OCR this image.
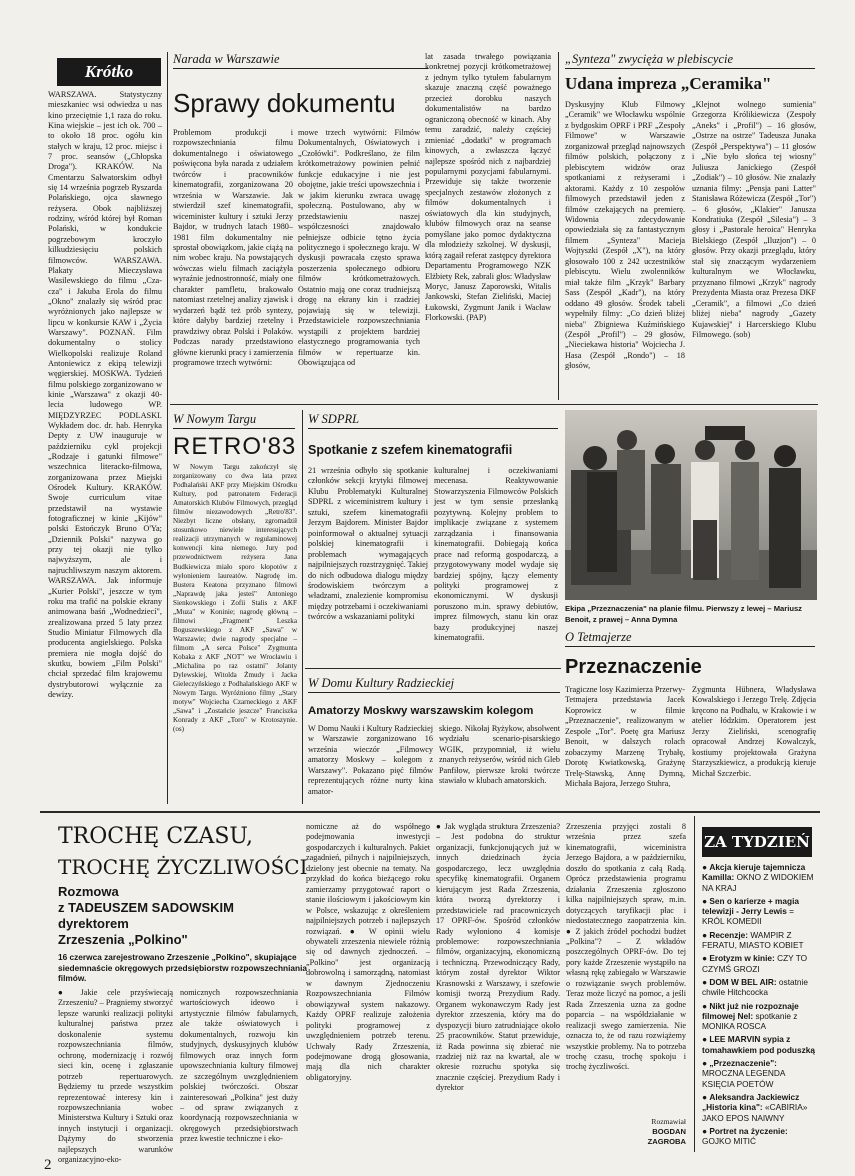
Krótko
WARSZAWA. Statystyczny mieszkaniec wsi odwiedza u nas kino przeciętnie 1,1 raza do roku. Kina wiejskie – jest ich ok. 700 – to około 18 proc. ogółu kin stałych w kraju, 12 proc. miejsc i 7 proc. seansów („Chłopska Droga"). KRAKÓW. Na Cmentarzu Salwatorskim odbył się 14 września pogrzeb Ryszarda Polańskiego, ojca sławnego reżysera. Obok najbliższej rodziny, wśród której był Roman Polański, w kondukcie pogrzebowym kroczyło kilkudziesięciu polskich filmowców. WARSZAWA. Plakaty Mieczysława Wasilewskiego do filmu „Cza-cza" i Jakuba Erola do filmu „Okno" znalazły się wśród prac wyróżnionych jako najlepsze w lipcu w konkursie KAW i „Życia Warszawy". POZNAŃ. Film dokumentalny o stolicy Wielkopolski realizuje Roland Antoniewicz z ekipą telewizji węgierskiej. MOSKWA. Tydzień filmu polskiego zorganizowano w kinie „Warszawa" z okazji 40-lecia ludowego WP. MIĘDZYRZEC PODLASKI. Wykładem doc. dr. hab. Henryka Depty z UW inauguruje w październiku cykl projekcji „Rodzaje i gatunki filmowe" wszechnica literacko-filmowa, zorganizowana przez Miejski Ośrodek Kultury. KRAKÓW. Swoje curriculum vitae przedstawił na wystawie fotograficznej w kinie „Kijów" polski Estończyk Bruno O'Ya; „Dziennik Polski" nazywa go przy tej okazji nie tylko najwyższym, ale i najruchliwszym naszym aktorem. WARSZAWA. Jak informuje „Kurier Polski", jeszcze w tym roku ma trafić na polskie ekrany animowana baśń „Wodnedziecí", zrealizowana przed 5 laty przez Studio Miniatur Filmowych dla producenta angielskiego. Polska premiera nie mogła dojść do skutku, bowiem „Film Polski" chciał sprzedać film krajowemu dystrybutorowi wyłącznie za dewizy.
Narada w Warszawie
Sprawy dokumentu
Problemom produkcji i rozpowszechniania filmu dokumentalnego i oświatowego poświęcona była narada z udziałem twórców i pracowników kinematografii, zorganizowana 20 września w Warszawie. Jak stwierdził szef kinematografii, wiceminister kultury i sztuki Jerzy Bajdor, w trudnych latach 1980–1981 film dokumentalny nie sprostał obowiązkom, jakie ciążą na nim wobec kraju. Na powstających wówczas wielu filmach zaciążyła wyraźnie jednostronność, miały one charakter pamfletu, brakowało natomiast rzetelnej analizy zjawisk i wydarzeń bądź też prób syntezy, które dałyby bardziej rzetelny i prawdziwy obraz Polski i Polaków. Podczas narady przedstawiono główne kierunki pracy i zamierzenia programowe trzech wytwórni:
mowe trzech wytwórni: Filmów Dokumentalnych, Oświatowych i „Czołówki". Podkreślano, że film krótkometrażowy powinien pełnić funkcje edukacyjne i nie jest obojętne, jakie treści upowszechnia i w jakim kierunku zwraca uwagę społeczną. Postulowano, aby w przedstawieniu naszej współczesności znajdowało pełniejsze odbicie tętno życia politycznego i społecznego kraju. W dyskusji powracała często sprawa poszerzenia społecznego odbioru filmów krótkometrażowych. Ostatnio mają one coraz trudniejszą drogę na ekrany kin i rzadziej pojawiają się w telewizji. Przedstawiciele rozpowszechniania wystąpili z projektem bardziej elastycznego programowania tych filmów w repertuarze kin. Obowiązująca od
lat zasada trwałego powiązania konkretnej pozycji krótkometrażowej z jednym tylko tytułem fabularnym skazuje znaczną część poważnego przecież dorobku naszych dokumentalistów na bardzo ograniczoną obecność w kinach. Aby temu zaradzić, należy częściej zmieniać „dodatki" w programach kinowych, a zwłaszcza łączyć najlepsze spośród nich z najbardziej popularnymi pozycjami fabularnymi. Przewiduje się także tworzenie specjalnych zestawów złożonych z filmów dokumentalnych i oświatowych dla kin studyjnych, klubów filmowych oraz na seanse pomyślane jako pomoc dydaktyczna dla młodzieży szkolnej. W dyskusji, którą zagaił referat zastępcy dyrektora Departamentu Programowego NZK Elżbiety Rek, zabrali głos: Władysław Moryc, Janusz Zaporowski, Witalis Jankowski, Stefan Zieliński, Maciej Łukowski, Zygmunt Janik i Wacław Florkowski. (PAP)
„Synteza" zwycięża w plebiscycie
Udana impreza „Ceramika"
Dyskusyjny Klub Filmowy „Ceramik" we Włocławku wspólnie z bydgoskim OPRF i PRF „Zespoły Filmowe" w Warszawie zorganizował przegląd najnowszych filmów polskich, połączony z plebiscytem widzów oraz spotkaniami z reżyserami i aktorami. Każdy z 10 zespołów filmowych przedstawił jeden z filmów czekających na premierę. Widownia zdecydowanie opowiedziała się za fantastycznym filmem „Synteza" Macieja Wojtyszki (Zespół „X"), na który głosowało 100 z 242 uczestników plebiscytu. Wielu zwolenników miał także film „Krzyk" Barbary Sass (Zespół „Kadr"), na który oddano 49 głosów. Środek tabeli wypełniły filmy: „Co dzień bliżej nieba" Zbigniewa Kuźmińskiego (Zespół „Profil") – 29 głosów, „Nieciekawa historia" Wojciecha J. Hasa (Zespół „Rondo") – 18 głosów,
„Klejnot wolnego sumienia" Grzegorza Królikiewicza (Zespoły „Aneks" i „Profil") – 16 głosów, „Ostrze na ostrze" Tadeusza Junaka (Zespół „Perspektywa") – 11 głosów i „Nie było słońca tej wiosny" Juliusza Janickiego (Zespół „Zodiak") – 10 głosów. Nie znalazły uznania filmy: „Pensja pani Latter" Stanisława Różewicza (Zespół „Tor") – 6 głosów, „Klakier" Janusza Kondratiuka (Zespół „Silesia") – 3 głosy i „Pastorale heroica" Henryka Bielskiego (Zespół „Iluzjon") – 0 głosów. Przy okazji przeglądu, który stał się znaczącym wydarzeniem kulturalnym we Włocławku, przyznano filmowi „Krzyk" nagrody Prezydenta Miasta oraz Prezesa DKF „Ceramik", a filmowi „Co dzień bliżej nieba" nagrody „Gazety Kujawskiej" i Harcerskiego Klubu Filmowego. (sob)
W Nowym Targu
RETRO'83
W Nowym Targu zakończył się zorganizowany co dwa lata przez Podhalański AKF przy Miejskim Ośrodku Kultury, pod patronatem Federacji Amatorskich Klubów Filmowych, przegląd filmów niezawodowych „Retro'83". Niezbyt liczne obsłany, zgromadził stosunkowo niewiele interesujących realizacji utrzymanych w regulaminowej konwencji kina niemego. Jury pod przewodnictwem reżysera Jana Budkiewicza miało sporo kłopotów z wyłonieniem laureatów. Nagrodę im. Bustera Keatona przyznano filmowi „Naprawdę jaka jesteś" Antoniego Sienkowskiego i Zofii Stalis z AKF „Muza" w Koninie; nagrodę główną – filmowi „Fragment" Leszka Boguszewskiego z AKF „Sawa" w Warszawie; dwie nagrody specjalne – filmom „A serca Polsce" Zygmunta Kobaka z AKF „NOT" we Wrocławiu i „Michalina po raz ostatni" Jolanty Dylewskiej, Witolda Żmudy i Jacka Gieleczyńskiego z Podhalańskiego AKF w Nowym Targu. Wyróżniono filmy „Stary motyw" Wojciecha Czarneckiego z AKF „Sawa" i „Zostańcie jeszcze" Franciszka Konrady z AKF „Toro" w Krotoszynie. (os)
W SDPRL
Spotkanie z szefem kinematografii
21 września odbyło się spotkanie członków sekcji krytyki filmowej Klubu Problematyki Kulturalnej SDPRL z wiceministrem kultury i sztuki, szefem kinematografii Jerzym Bajdorem. Minister Bajdor poinformował o aktualnej sytuacji polskiej kinematografii i problemach wymagających najpilniejszych rozstrzygnięć. Takiej do nich odbudowa dialogu między środowiskiem twórczym a władzami, znalezienie kompromisu między potrzebami i oczekiwaniami twórców a wskazaniami polityki
kulturalnej i oczekiwaniami mecenasa. Reaktywowanie Stowarzyszenia Filmowców Polskich jest w tym sensie przesłanką pozytywną. Kolejny problem to implikacje związane z systemem zarządzania i finansowania kinematografii. Dobiegają końca prace nad reformą gospodarczą, a przygotowywany model wydaje się bardziej spójny, łączy elementy polityki programowej z ekonomicznymi. W dyskusji poruszono m.in. sprawy debiutów, imprez filmowych, stanu kin oraz bazy produkcyjnej naszej kinematografii.
Ekipa „Przeznaczenia" na planie filmu. Pierwszy z lewej – Mariusz Benoit, z prawej – Anna Dymna
O Tetmajerze
Przeznaczenie
W Domu Kultury Radzieckiej
Amatorzy Moskwy warszawskim kolegom
W Domu Nauki i Kultury Radzieckiej w Warszawie zorganizowano 16 września wieczór „Filmowcy amatorzy Moskwy – kolegom z Warszawy". Pokazano pięć filmów reprezentujących różne nurty kina amator-
skiego. Nikołaj Ryżykow, absolwent wydziału scenario-pisarskiego WGIK, przypomniał, iż wielu znanych reżyserów, wśród nich Gleb Panfiłow, pierwsze kroki twórcze stawiało w klubach amatorskich.
Tragiczne losy Kazimierza Przerwy-Tetmajera przedstawia Jacek Koprowicz w filmie „Przeznaczenie", realizowanym w Zespole „Tor". Poetę gra Mariusz Benoit, w dalszych rolach zobaczymy Marzenę Trybałę, Dorotę Kwiatkowską, Grażynę Trelę-Stawską, Annę Dymną, Michała Bajora, Jerzego Stuhra,
Zygmunta Hübnera, Władysława Kowalskiego i Jerzego Trelę. Zdjęcia kręcono na Podhalu, w Krakowie i w atelier łódzkim. Operatorem jest Jerzy Zieliński, scenografię opracował Andrzej Kowalczyk, kostiumy projektowała Grażyna Starzyszkiewicz, a produkcją kieruje Michał Szczerbic.
TROCHĘ CZASU,
TROCHĘ ŻYCZLIWOŚCI
Rozmowa
z TADEUSZEM SADOWSKIM
dyrektorem
Zrzeszenia „Polkino"
16 czerwca zarejestrowano Zrzeszenie „Polkino", skupiające siedemnaście okręgowych przedsiębiorstw rozpowszechniania filmów.
● Jakie cele przyświecają Zrzeszeniu? – Pragniemy stworzyć lepsze warunki realizacji polityki kulturalnej państwa przez doskonalenie systemu rozpowszechniania filmów, ochronę, modernizację i rozwój sieci kin, ocenę i zgłaszanie potrzeb repertuarowych. Będziemy tu przede wszystkim reprezentować interesy kin i rozpowszechniania wobec Ministerstwa Kultury i Sztuki oraz innych instytucji i organizacji. Dążymy do stworzenia najlepszych warunków organizacyjno-eko-
nomicznych rozpowszechniania wartościowych ideowo i artystycznie filmów fabularnych, ale także oświatowych i dokumentalnych, rozwoju kin studyjnych, dyskusyjnych klubów filmowych oraz innych form upowszechniania kultury filmowej ze szczególnym uwzględnieniem polskiej twórczości. Obszar zainteresowań „Polkina" jest duży – od spraw związanych z koordynacją rozpowszechniania w okręgowych przedsiębiorstwach przez kwestie techniczne i eko-
nomiczne aż do współnego podejmowania inwestycji gospodarczych i kulturalnych. Pakiet zagadnień, pilnych i najpilniejszych, dzielony jest obecnie na tematy. Na przykład do końca bieżącego roku zamierzamy przygotować raport o stanie ilościowym i jakościowym kin w Polsce, wskazując z określeniem najpilniejszych potrzeb i najlepszych rozwiązań. ● W opinii wielu obywateli zrzeszenia niewiele różnią się od dawnych zjednoczeń. – „Polkino" jest organizacją dobrowolną i samorządną, natomiast w dawnym Zjednoczeniu Rozpowszechniania Filmów obowiązywał system nakazowy. Każdy OPRF realizuje założenia polityki programowej z uwzględnieniem potrzeb terenu. Uchwały Rady Zrzeszenia, podejmowane drogą głosowania, mają dla nich charakter obligatoryjny.
● Jak wygląda struktura Zrzeszenia? – Jest podobna do struktur organizacji, funkcjonujących już w innych dziedzinach życia gospodarczego, lecz uwzględnia specyfikę kinematografii. Organem kierującym jest Rada Zrzeszenia, która tworzą dyrektorzy i przedstawiciele rad pracowniczych 17 OPRF-ów. Spośród członków Rady wyłoniono 4 komisje problemowe: rozpowszechniania filmów, organizacyjną, ekonomiczną i techniczną. Przewodniczący Rady, którym został dyrektor Wiktor Krasnowski z Warszawy, i szefowie komisji tworzą Prezydium Rady. Organem wykonawczym Rady jest dyrektor zrzeszenia, który ma do dyspozycji biuro zatrudniające około 25 pracowników. Statut przewiduje, iż Rada powinna się zbierać nie rzadziej niż raz na kwartał, ale w okresie rozruchu spotyka się znacznie częściej. Prezydium Rady i dyrektor
Zrzeszenia przyjęci zostali 8 września przez szefa kinematografii, wiceministra Jerzego Bajdora, a w październiku, doszło do spotkania z całą Radą. Oprócz przedstawienia programu działania Zrzeszenia zgłoszono kilka najpilniejszych spraw, m.in. dotyczących taryfikacji płac i niedostatecznego zaopatrzenia kin. ● Z jakich źródeł pochodzi budżet „Polkina"? – Z wkładów poszczególnych OPRF-ów. Do tej pory każde Zrzeszenie wystąpiło na własną rękę zabiegało w Warszawie o rozwiązanie swych problemów. Teraz może liczyć na pomoc, a jeśli Rada Zrzeszenia uzna za godne poparcia – na współdziałanie w realizacji swego zamierzenia. Nie oznacza to, że od razu rozwiążemy wszystkie problemy. Na to potrzeba trochę czasu, trochę spokoju i trochę życzliwości.
Rozmawiał
BOGDAN
ZAGROBA
ZA TYDZIEŃ
● Akcja kieruje tajemnicza Kamilla: OKNO Z WIDOKIEM NA KRAJ
● Sen o karierze + magia telewizji - Jerry Lewis = KRÓL KOMEDII
● Recenzje: WAMPIR Z FERATU, MIASTO KOBIET
● Erotyzm w kinie: CZY TO CZYMŚ GROZI
● DOM W BEL AIR: ostatnie chwile Hitchcocka
● Nikt już nie rozpoznaje filmowej Nel: spotkanie z MONIKA ROSCA
● LEE MARVIN sypia z tomahawkiem pod poduszką
● „Przeznaczenie": MROCZNA LEGENDA KSIĘCIA POETÓW
● Aleksandra Jackiewicz „Historia kina": «CABIRIA» JAKO EPOS NAIWNY
● Portret na życzenie: GOJKO MITIĆ
2
